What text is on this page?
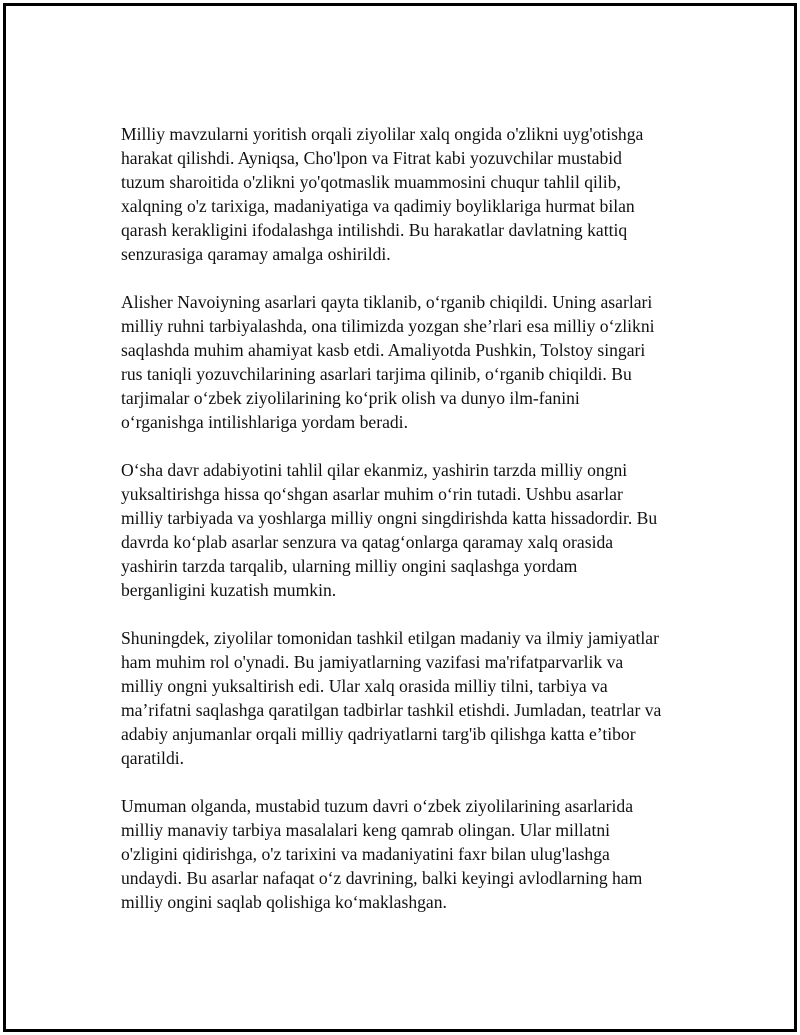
Milliy mavzularni yoritish orqali ziyolilar xalq ongida o'zlikni uyg'otishga
harakat qilishdi. Ayniqsa, Cho'lpon va Fitrat kabi yozuvchilar mustabid
tuzum sharoitida o'zlikni yo'qotmaslik muammosini chuqur tahlil qilib,
xalqning o'z tarixiga, madaniyatiga va qadimiy boyliklariga hurmat bilan
qarash kerakligini ifodalashga intilishdi. Bu harakatlar davlatning kattiq
senzurasiga qaramay amalga oshirildi.

Alisher Navoiyning asarlari qayta tiklanib, o‘rganib chiqildi. Uning asarlari
milliy ruhni tarbiyalashda, ona tilimizda yozgan she’rlari esa milliy o‘zlikni
saqlashda muhim ahamiyat kasb etdi. Amaliyotda Pushkin, Tolstoy singari
rus taniqli yozuvchilarining asarlari tarjima qilinib, o‘rganib chiqildi. Bu
tarjimalar o‘zbek ziyolilarining ko‘prik olish va dunyo ilm-fanini
o‘rganishga intilishlariga yordam beradi.

O‘sha davr adabiyotini tahlil qilar ekanmiz, yashirin tarzda milliy ongni
yuksaltirishga hissa qo‘shgan asarlar muhim o‘rin tutadi. Ushbu asarlar
milliy tarbiyada va yoshlarga milliy ongni singdirishda katta hissadordir. Bu
davrda ko‘plab asarlar senzura va qatag‘onlarga qaramay xalq orasida
yashirin tarzda tarqalib, ularning milliy ongini saqlashga yordam
berganligini kuzatish mumkin.

Shuningdek, ziyolilar tomonidan tashkil etilgan madaniy va ilmiy jamiyatlar
ham muhim rol o'ynadi. Bu jamiyatlarning vazifasi ma'rifatparvarlik va
milliy ongni yuksaltirish edi. Ular xalq orasida milliy tilni, tarbiya va
ma’rifatni saqlashga qaratilgan tadbirlar tashkil etishdi. Jumladan, teatrlar va
adabiy anjumanlar orqali milliy qadriyatlarni targ'ib qilishga katta e’tibor
qaratildi.

Umuman olganda, mustabid tuzum davri o‘zbek ziyolilarining asarlarida
milliy manaviy tarbiya masalalari keng qamrab olingan. Ular millatni
o'zligini qidirishga, o'z tarixini va madaniyatini faxr bilan ulug'lashga
undaydi. Bu asarlar nafaqat o‘z davrining, balki keyingi avlodlarning ham
milliy ongini saqlab qolishiga ko‘maklashgan.
